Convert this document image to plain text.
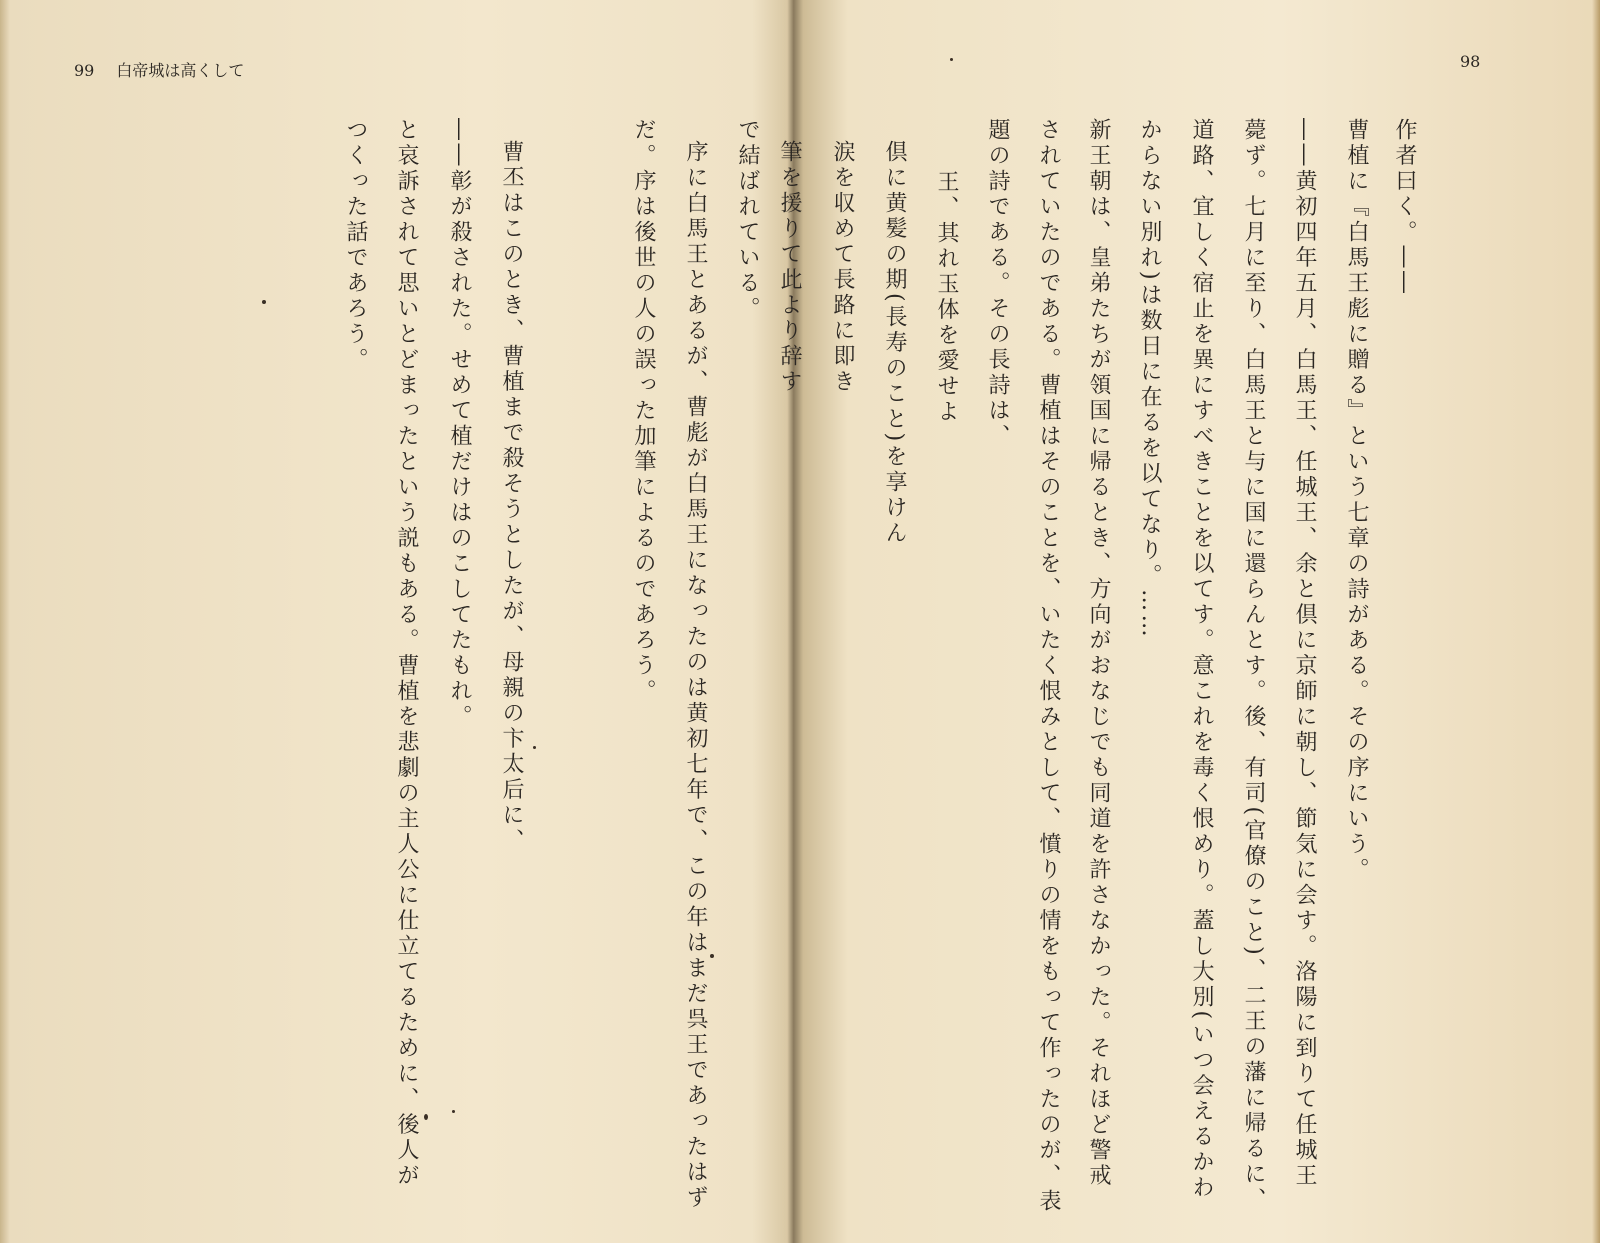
99 白帝城は高くして	98
作者曰く。――
曹植に『白馬王彪に贈る』という七章の詩がある。その序にいう。
――黄初四年五月、白馬王、任城王、余と倶に京師に朝し、節気に会す。洛陽に到りて任城王
薨ず。七月に至り、白馬王と与に国に還らんとす。後、有司(官僚のこと)、二王の藩に帰るに、
道路、宜しく宿止を異にすべきことを以てす。意これを毒く恨めり。蓋し大別(いつ会えるかわ
からない別れ)は数日に在るを以てなり。……
新王朝は、皇弟たちが領国に帰るとき、方向がおなじでも同道を許さなかった。それほど警戒
されていたのである。曹植はそのことを、いたく恨みとして、憤りの情をもって作ったのが、表
題の詩である。その長詩は、
王、其れ玉体を愛せよ
倶に黄髪の期(長寿のこと)を享けん
涙を収めて長路に即き
筆を援りて此より辞す
で結ばれている。
序に白馬王とあるが、曹彪が白馬王になったのは黄初七年で、この年はまだ呉王であったはず
だ。序は後世の人の誤った加筆によるのであろう。
曹丕はこのとき、曹植まで殺そうとしたが、母親の卞太后に、
――彰が殺された。せめて植だけはのこしてたもれ。
と哀訴されて思いとどまったという説もある。曹植を悲劇の主人公に仕立てるために、後人が
つくった話であろう。
